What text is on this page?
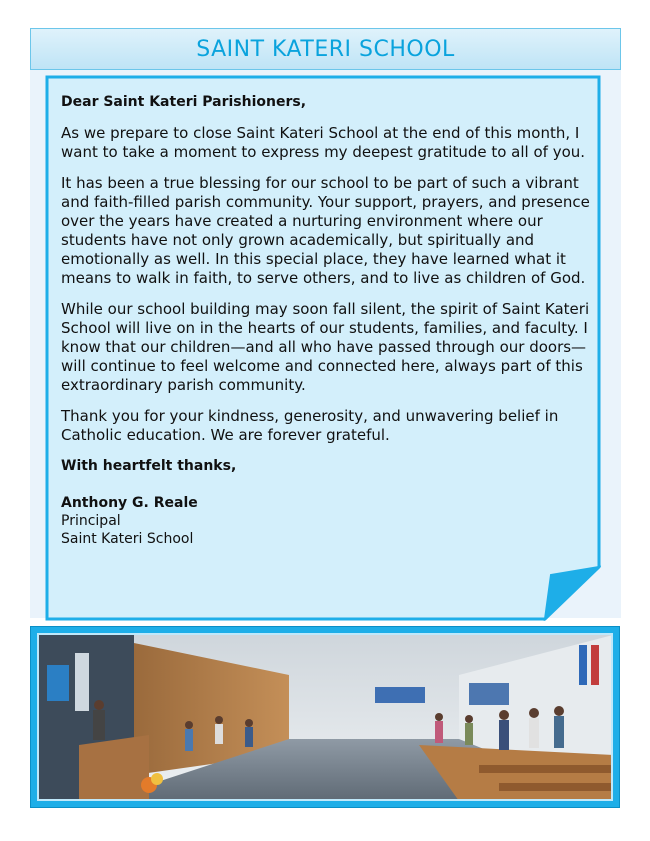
SAINT KATERI SCHOOL

Dear Saint Kateri Parishioners,

As we prepare to close Saint Kateri School at the end of this month, I want to take a moment to express my deepest gratitude to all of you.

It has been a true blessing for our school to be part of such a vibrant and faith-filled parish community. Your support, prayers, and presence over the years have created a nurturing environment where our students have not only grown academically, but spiritually and emotionally as well. In this special place, they have learned what it means to walk in faith, to serve others, and to live as children of God.

While our school building may soon fall silent, the spirit of Saint Kateri School will live on in the hearts of our students, families, and faculty. I know that our children—and all who have passed through our doors—will continue to feel welcome and connected here, always part of this extraordinary parish community.

Thank you for your kindness, generosity, and unwavering belief in Catholic education. We are forever grateful.

With heartfelt thanks,

Anthony G. Reale
Principal
Saint Kateri School
